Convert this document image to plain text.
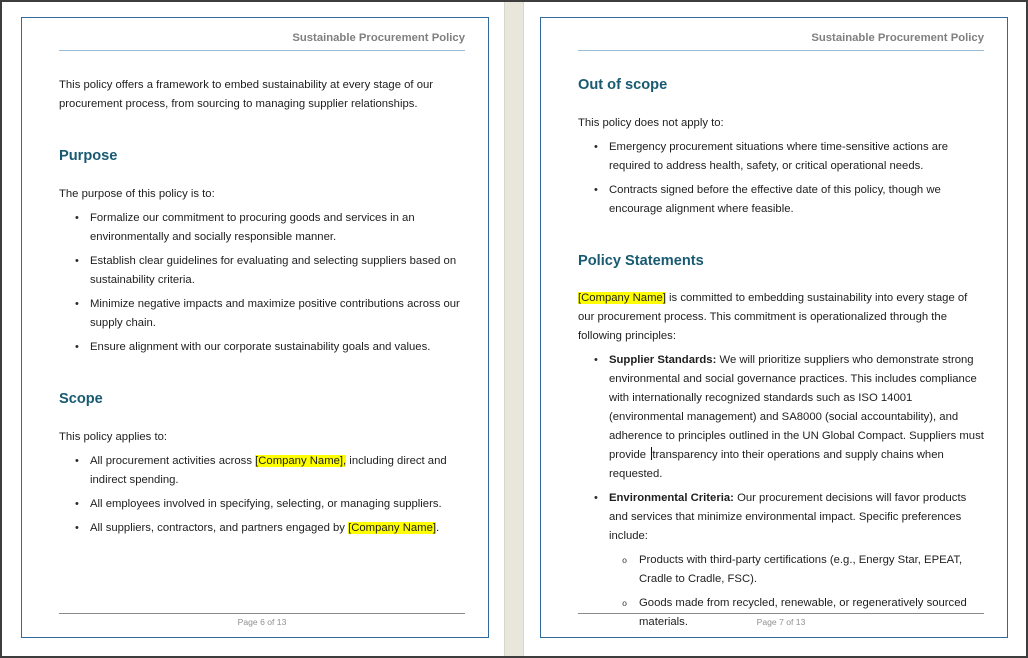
Sustainable Procurement Policy

This policy offers a framework to embed sustainability at every stage of our procurement process, from sourcing to managing supplier relationships.

Purpose

The purpose of this policy is to:

• Formalize our commitment to procuring goods and services in an environmentally and socially responsible manner.
• Establish clear guidelines for evaluating and selecting suppliers based on sustainability criteria.
• Minimize negative impacts and maximize positive contributions across our supply chain.
• Ensure alignment with our corporate sustainability goals and values.
Scope

This policy applies to:

• All procurement activities across [Company Name], including direct and indirect spending.
• All employees involved in specifying, selecting, or managing suppliers.
• All suppliers, contractors, and partners engaged by [Company Name].
Page 6 of 13
Sustainable Procurement Policy
Out of scope

This policy does not apply to:

• Emergency procurement situations where time-sensitive actions are required to address health, safety, or critical operational needs.
• Contracts signed before the effective date of this policy, though we encourage alignment where feasible.
Policy Statements

[Company Name] is committed to embedding sustainability into every stage of our procurement process. This commitment is operationalized through the following principles:

• Supplier Standards: We will prioritize suppliers who demonstrate strong environmental and social governance practices. This includes compliance with internationally recognized standards such as ISO 14001 (environmental management) and SA8000 (social accountability), and adherence to principles outlined in the UN Global Compact. Suppliers must provide transparency into their operations and supply chains when requested.
• Environmental Criteria: Our procurement decisions will favor products and services that minimize environmental impact. Specific preferences include:
o Products with third-party certifications (e.g., Energy Star, EPEAT, Cradle to Cradle, FSC).
o Goods made from recycled, renewable, or regeneratively sourced materials.	Page 7 of 13
